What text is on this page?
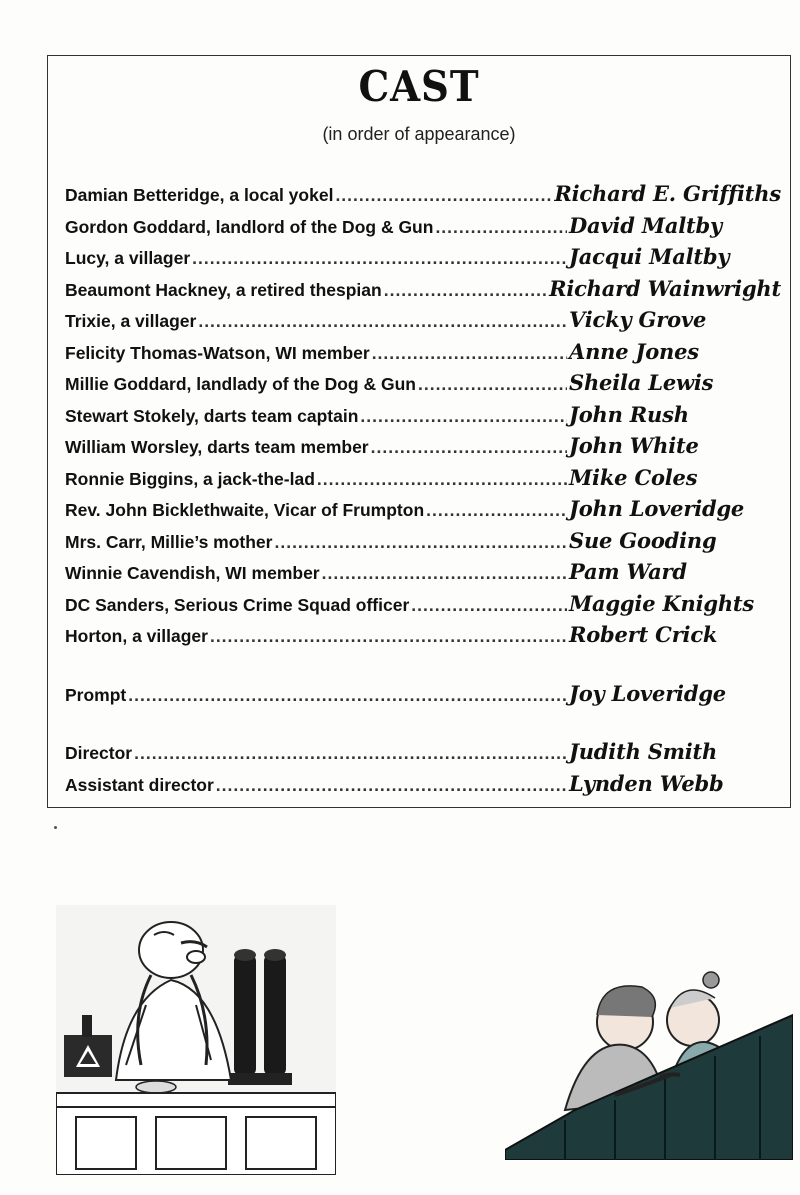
CAST
(in order of appearance)
Damian Betteridge, a local yokel .....	Richard E. Griffiths
Gordon Goddard, landlord of the Dog & Gun .....	David Maltby
Lucy, a villager .....	Jacqui Maltby
Beaumont Hackney, a retired thespian .....	Richard Wainwright
Trixie, a villager .....	Vicky Grove
Felicity Thomas-Watson, WI member .....	Anne Jones
Millie Goddard, landlady of the Dog & Gun .....	Sheila Lewis
Stewart Stokely, darts team captain .....	John Rush
William Worsley, darts team member .....	John White
Ronnie Biggins, a jack-the-lad .....	Mike Coles
Rev. John Bicklethwaite, Vicar of Frumpton .....	John Loveridge
Mrs. Carr, Millie’s mother .....	Sue Gooding
Winnie Cavendish, WI member .....	Pam Ward
DC Sanders, Serious Crime Squad officer .....	Maggie Knights
Horton, a villager .....	Robert Crick
Prompt .....	Joy Loveridge
Director .....	Judith Smith
Assistant director .....	Lynden Webb
